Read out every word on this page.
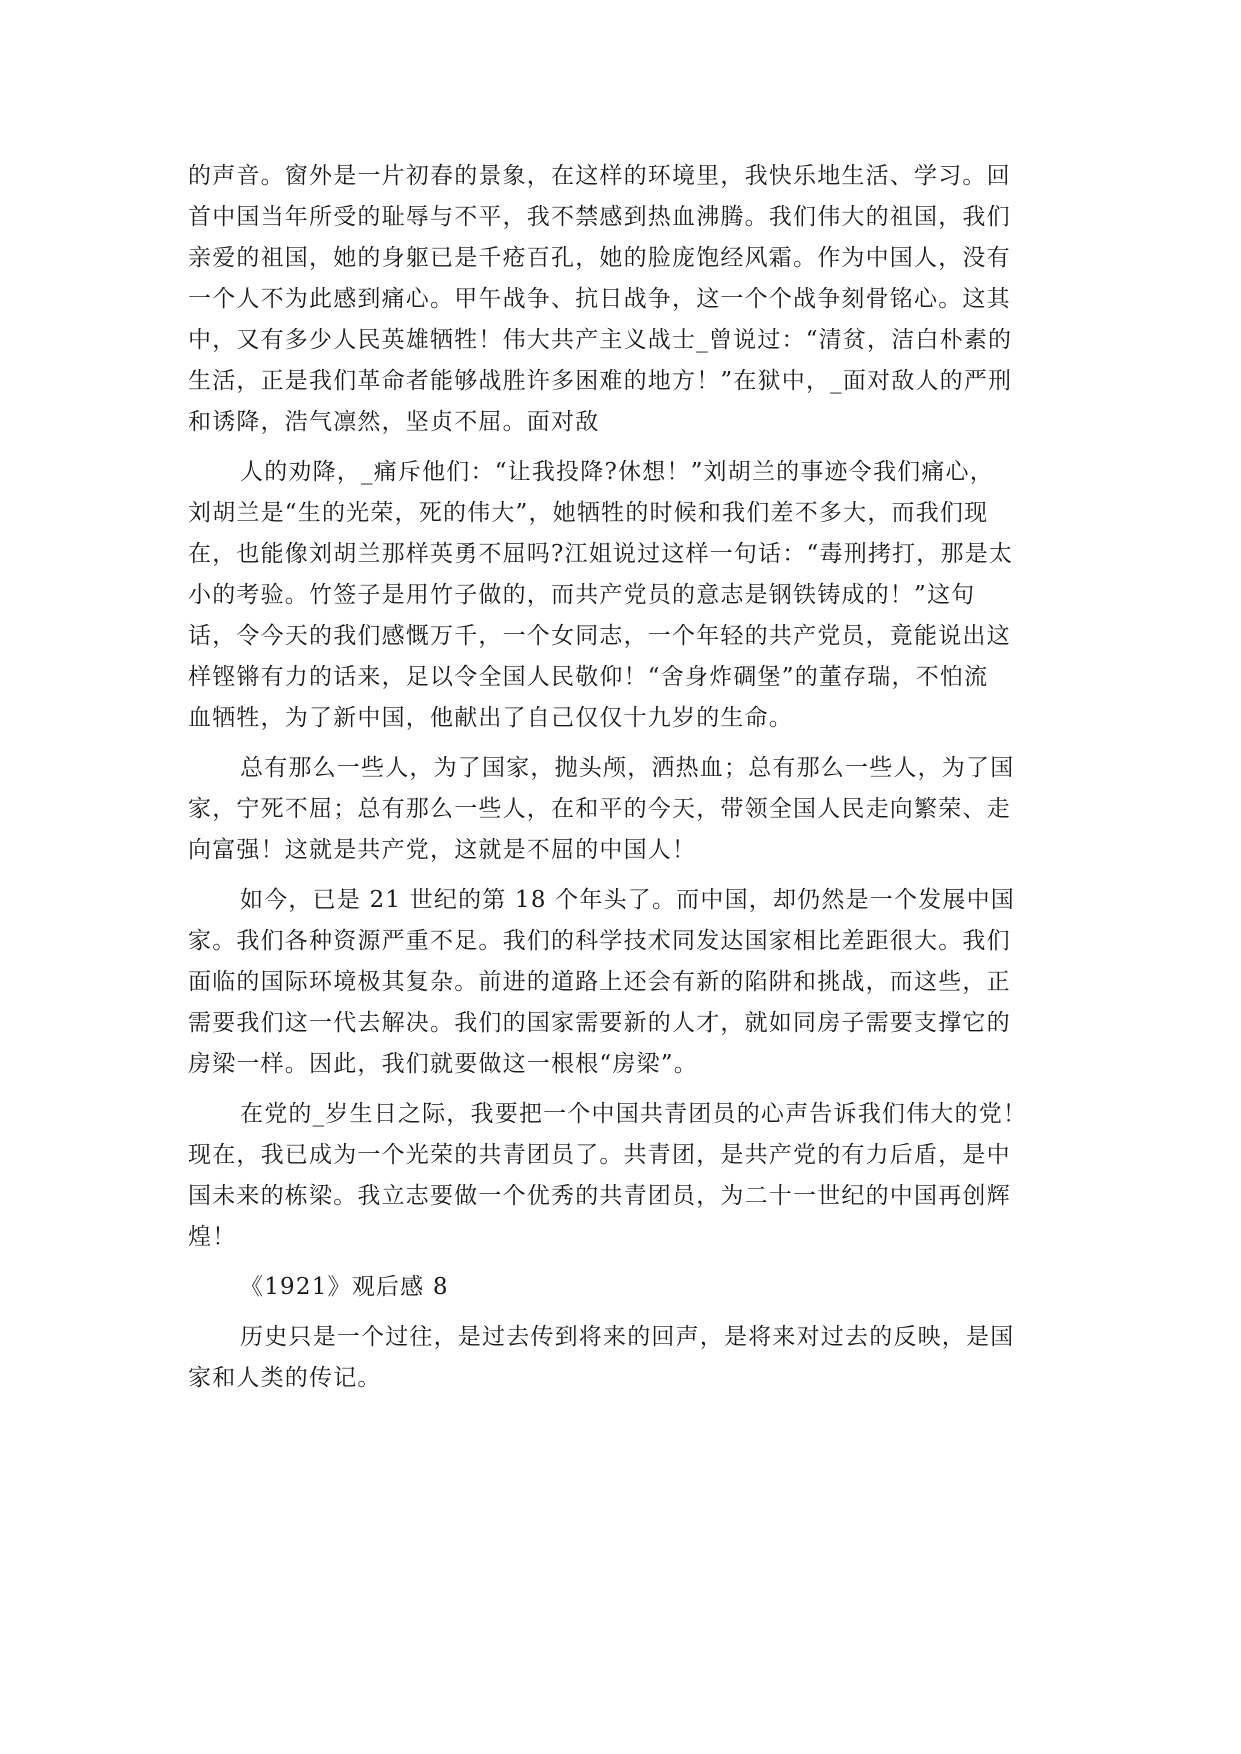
的声音。窗外是一片初春的景象，在这样的环境里，我快乐地生活、学习。回
首中国当年所受的耻辱与不平，我不禁感到热血沸腾。我们伟大的祖国，我们
亲爱的祖国，她的身躯已是千疮百孔，她的脸庞饱经风霜。作为中国人，没有
一个人不为此感到痛心。甲午战争、抗日战争，这一个个战争刻骨铭心。这其
中，又有多少人民英雄牺牲！伟大共产主义战士_曾说过：“清贫，洁白朴素的
生活，正是我们革命者能够战胜许多困难的地方！”在狱中，_面对敌人的严刑
和诱降，浩气凛然，坚贞不屈。面对敌
人的劝降，_痛斥他们：“让我投降?休想！”刘胡兰的事迹令我们痛心，
刘胡兰是“生的光荣，死的伟大”，她牺牲的时候和我们差不多大，而我们现
在，也能像刘胡兰那样英勇不屈吗?江姐说过这样一句话：“毒刑拷打，那是太
小的考验。竹签子是用竹子做的，而共产党员的意志是钢铁铸成的！”这句
话，令今天的我们感慨万千，一个女同志，一个年轻的共产党员，竟能说出这
样铿锵有力的话来，足以令全国人民敬仰！“舍身炸碉堡”的董存瑞，不怕流
血牺牲，为了新中国，他献出了自己仅仅十九岁的生命。
总有那么一些人，为了国家，抛头颅，洒热血；总有那么一些人，为了国
家，宁死不屈；总有那么一些人，在和平的今天，带领全国人民走向繁荣、走
向富强！这就是共产党，这就是不屈的中国人！
如今，已是 21 世纪的第 18 个年头了。而中国，却仍然是一个发展中国
家。我们各种资源严重不足。我们的科学技术同发达国家相比差距很大。我们
面临的国际环境极其复杂。前进的道路上还会有新的陷阱和挑战，而这些，正
需要我们这一代去解决。我们的国家需要新的人才，就如同房子需要支撑它的
房梁一样。因此，我们就要做这一根根“房梁”。
在党的_岁生日之际，我要把一个中国共青团员的心声告诉我们伟大的党！
现在，我已成为一个光荣的共青团员了。共青团，是共产党的有力后盾，是中
国未来的栋梁。我立志要做一个优秀的共青团员，为二十一世纪的中国再创辉
煌！
《1921》观后感 8
历史只是一个过往，是过去传到将来的回声，是将来对过去的反映，是国
家和人类的传记。
